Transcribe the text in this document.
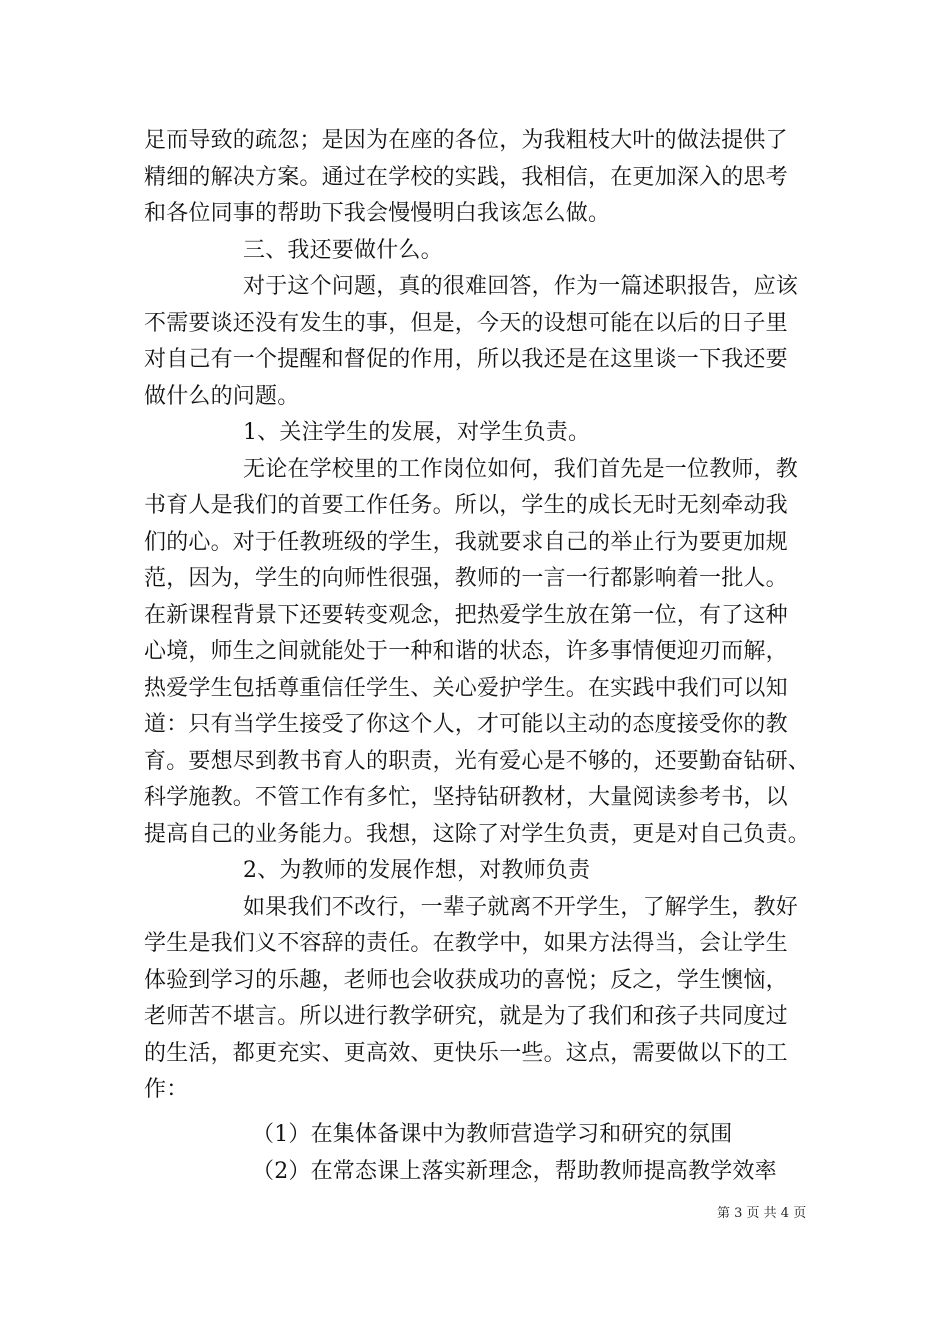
足而导致的疏忽；是因为在座的各位，为我粗枝大叶的做法提供了
精细的解决方案。通过在学校的实践，我相信，在更加深入的思考
和各位同事的帮助下我会慢慢明白我该怎么做。
三、我还要做什么。
对于这个问题，真的很难回答，作为一篇述职报告，应该
不需要谈还没有发生的事，但是，今天的设想可能在以后的日子里
对自己有一个提醒和督促的作用，所以我还是在这里谈一下我还要
做什么的问题。
1、关注学生的发展，对学生负责。
无论在学校里的工作岗位如何，我们首先是一位教师，教
书育人是我们的首要工作任务。所以，学生的成长无时无刻牵动我
们的心。对于任教班级的学生，我就要求自己的举止行为要更加规
范，因为，学生的向师性很强，教师的一言一行都影响着一批人。
在新课程背景下还要转变观念，把热爱学生放在第一位，有了这种
心境，师生之间就能处于一种和谐的状态，许多事情便迎刃而解，
热爱学生包括尊重信任学生、关心爱护学生。在实践中我们可以知
道：只有当学生接受了你这个人，才可能以主动的态度接受你的教
育。要想尽到教书育人的职责，光有爱心是不够的，还要勤奋钻研、
科学施教。不管工作有多忙，坚持钻研教材，大量阅读参考书，以
提高自己的业务能力。我想，这除了对学生负责，更是对自己负责。
2、为教师的发展作想，对教师负责
如果我们不改行，一辈子就离不开学生，了解学生，教好
学生是我们义不容辞的责任。在教学中，如果方法得当，会让学生
体验到学习的乐趣，老师也会收获成功的喜悦；反之，学生懊恼，
老师苦不堪言。所以进行教学研究，就是为了我们和孩子共同度过
的生活，都更充实、更高效、更快乐一些。这点，需要做以下的工
作：
（1）在集体备课中为教师营造学习和研究的氛围
（2）在常态课上落实新理念，帮助教师提高教学效率
第 3 页 共 4 页
